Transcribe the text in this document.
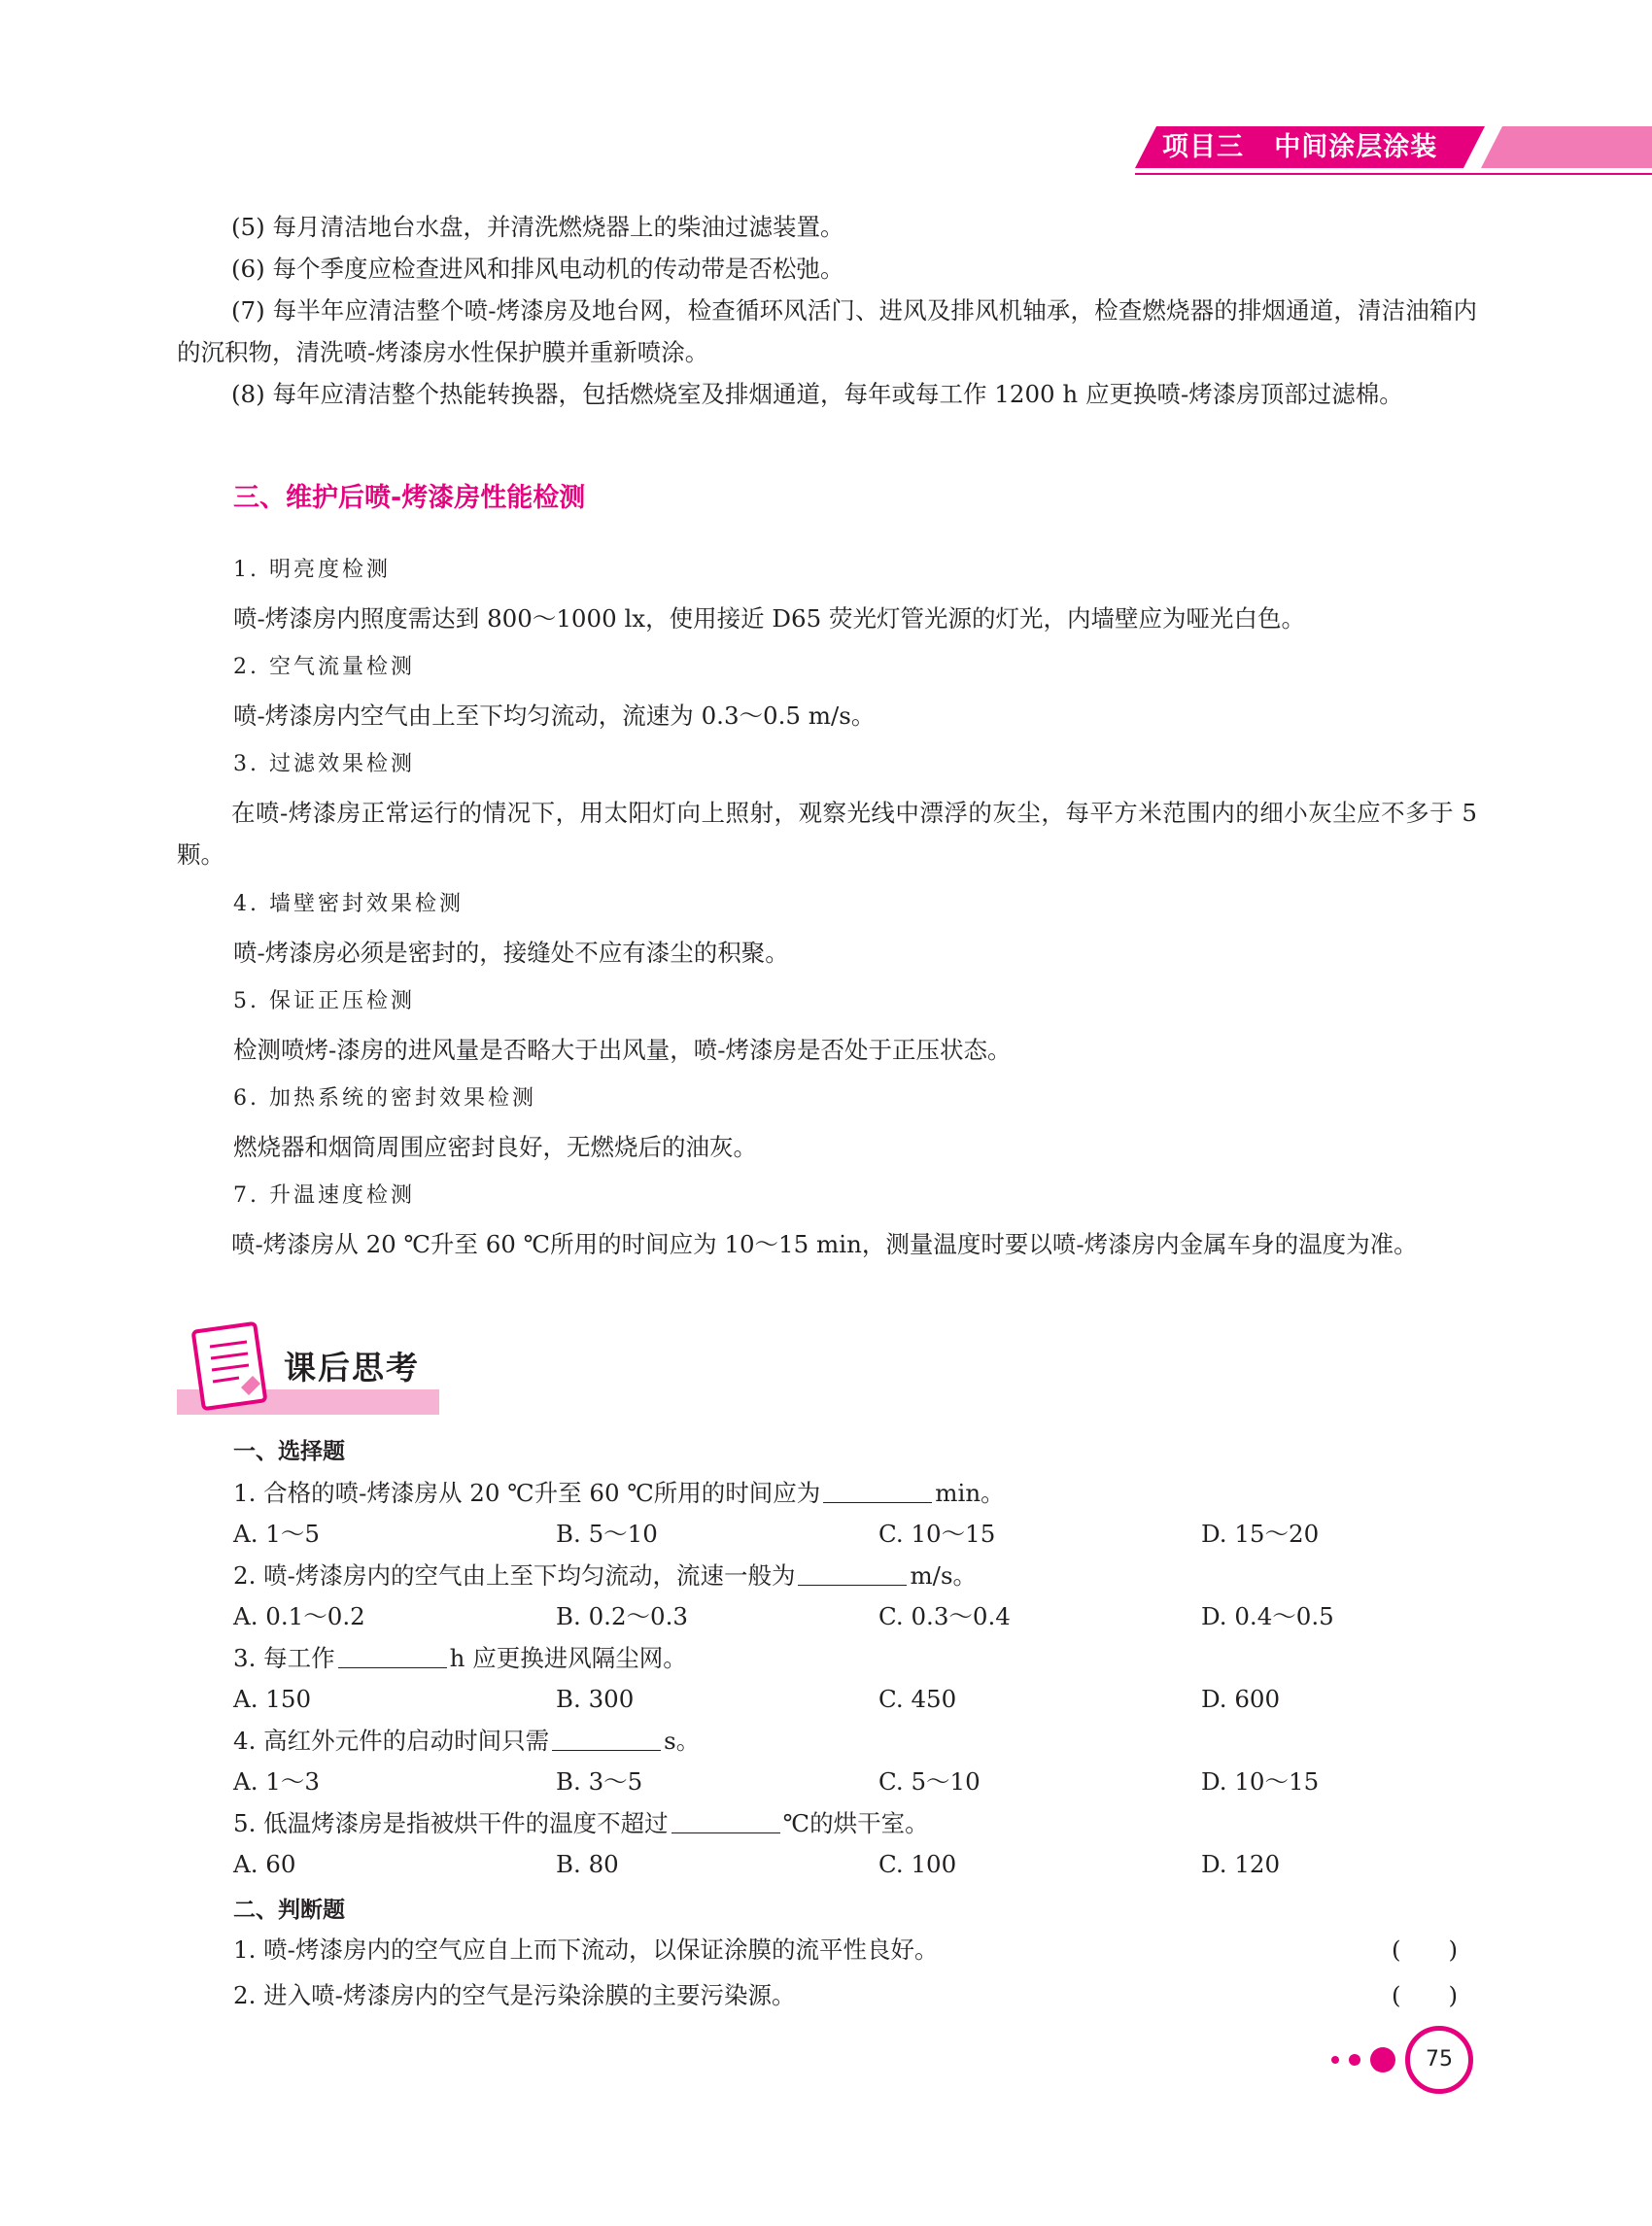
项目三 中间涂层涂装

(5) 每月清洁地台水盘，并清洗燃烧器上的柴油过滤装置。

(6) 每个季度应检查进风和排风电动机的传动带是否松弛。

(7) 每半年应清洁整个喷-烤漆房及地台网，检查循环风活门、进风及排风机轴承，检查燃烧器的排烟通道，清洁油箱内的沉积物，清洗喷-烤漆房水性保护膜并重新喷涂。

(8) 每年应清洁整个热能转换器，包括燃烧室及排烟通道，每年或每工作 1200 h 应更换喷-烤漆房顶部过滤棉。

三、维护后喷-烤漆房性能检测
1. 明亮度检测
喷-烤漆房内照度需达到 800～1000 lx，使用接近 D65 荧光灯管光源的灯光，内墙壁应为哑光白色。
2. 空气流量检测
喷-烤漆房内空气由上至下均匀流动，流速为 0.3～0.5 m/s。
3. 过滤效果检测

在喷-烤漆房正常运行的情况下，用太阳灯向上照射，观察光线中漂浮的灰尘，每平方米范围内的细小灰尘应不多于 5 颗。

4. 墙壁密封效果检测
喷-烤漆房必须是密封的，接缝处不应有漆尘的积聚。
5. 保证正压检测
检测喷烤-漆房的进风量是否略大于出风量，喷-烤漆房是否处于正压状态。
6. 加热系统的密封效果检测
燃烧器和烟筒周围应密封良好，无燃烧后的油灰。
7. 升温速度检测

喷-烤漆房从 20 ℃升至 60 ℃所用的时间应为 10～15 min，测量温度时要以喷-烤漆房内金属车身的温度为准。

课后思考
一、选择题
1. 合格的喷-烤漆房从 20 ℃升至 60 ℃所用的时间应为	min。
A. 1～5	B. 5～10	C. 10～15	D. 15～20
2. 喷-烤漆房内的空气由上至下均匀流动，流速一般为	m/s。
A. 0.1～0.2	B. 0.2～0.3	C. 0.3～0.4	D. 0.4～0.5
3. 每工作	h 应更换进风隔尘网。
A. 150	B. 300	C. 450	D. 600
4. 高红外元件的启动时间只需	s。
A. 1～3	B. 3～5	C. 5～10	D. 10～15
5. 低温烤漆房是指被烘干件的温度不超过	℃的烘干室。
A. 60	B. 80	C. 100	D. 120
二、判断题
1. 喷-烤漆房内的空气应自上而下流动，以保证涂膜的流平性良好。	(　　)
2. 进入喷-烤漆房内的空气是污染涂膜的主要污染源。	(　　)
75
